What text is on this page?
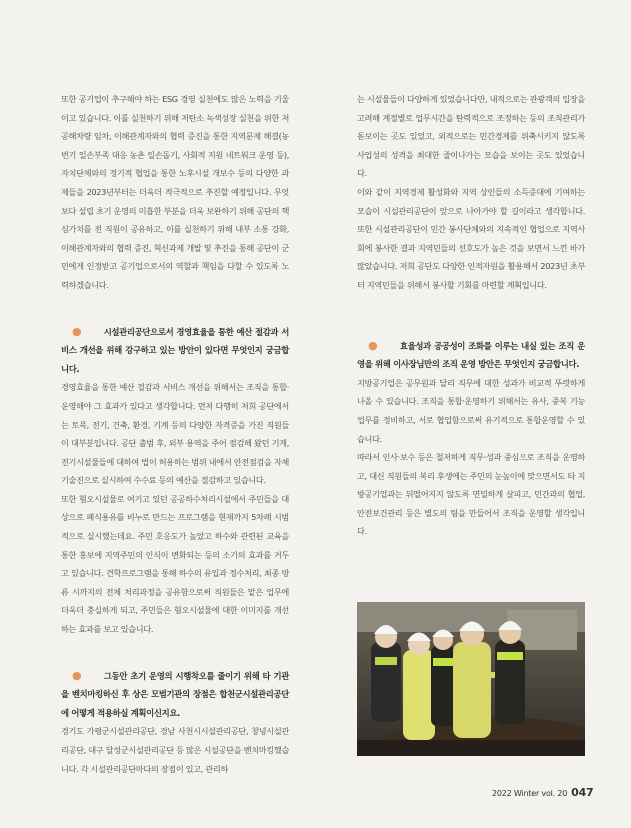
또한 공기업이 추구해야 하는 ESG 경영 실천에도 많은 노력을 기울이고 있습니다. 이를 실천하기 위해 저탄소 녹색성장 실천을 위한 저공해차량 임차, 이해관계자와의 협력 증진을 통한 지역문제 해결(농번기 일손부족 대응 농촌 일손돕기, 사회적 지원 네트워크 운영 등), 자치단체와의 정기적 협업을 통한 노후시설 개보수 등의 다양한 과제들을 2023년부터는 더욱더 적극적으로 추진할 예정입니다. 무엇보다 설립 초기 운영의 미흡한 부분을 더욱 보완하기 위해 공단의 핵심가치를 전 직원이 공유하고, 이를 실천하기 위해 내부 소통 강화, 이해관계자와의 협력 증진, 혁신과제 개발 및 추진을 통해 공단이 군민에게 인정받고 공기업으로서의 역할과 책임을 다할 수 있도록 노력하겠습니다.

●	시설관리공단으로서 경영효율을 통한 예산 절감과 서비스 개선을 위해 강구하고 있는 방안이 있다면 무엇인지 궁금합니다.

경영효율을 통한 예산 절감과 서비스 개선을 위해서는 조직을 통합·운영해야 그 효과가 있다고 생각합니다. 먼저 다행히 저희 공단에서는 토목, 전기, 건축, 환경, 기계 등의 다양한 자격증을 가진 직원들이 대부분입니다. 공단 출범 후, 외부 용역을 주어 점검해 왔던 기계, 전기시설물들에 대하여 법이 허용하는 범위 내에서 안전점검을 자체 기술진으로 실시하여 수수료 등의 예산을 절감하고 있습니다.

또한 혐오시설물로 여기고 있던 공공하수처리시설에서 주민들을 대상으로 폐식용유를 비누로 만드는 프로그램을 현재까지 5차례 시범적으로 실시했는데요. 주민 호응도가 높았고 하수와 관련된 교육을 통한 홍보에 지역주민의 인식이 변화되는 등의 소기의 효과를 거두고 있습니다. 견학프로그램을 통해 하수의 유입과 정수처리, 최종 방류 시까지의 전체 처리과정을 공유함으로써 직원들은 맡은 업무에 더욱더 충실하게 되고, 주민들은 혐오시설물에 대한 이미지를 개선하는 효과를 보고 있습니다.

●	그동안 초기 운영의 시행착오를 줄이기 위해 타 기관을 벤치마킹하신 후 상은 모범기관의 장점은 합천군시설관리공단에 어떻게 적용하실 계획이신지요.

경기도 가평군시설관리공단, 경남 사천시시설관리공단, 창녕시설관리공단, 대구 달성군시설관리공단 등 많은 시설공단을 벤치마킹했습니다. 각 시설관리공단마다의 장점이 있고, 관리하

는 시설물들이 다양하게 있었습니다만, 내적으로는 관광객의 입장을 고려해 계절별로 업무시간을 탄력적으로 조정하는 등의 조직관리가 돋보이는 곳도 있었고, 외적으로는 민간경제를 위축시키지 않도록 사업성의 성격을 최대한 줄이나가는 모습을 보이는 곳도 있었습니다.

이와 같이 지역경제 활성화와 지역 상인들의 소득증대에 기여하는 모습이 시설관리공단이 앞으로 나아가야 할 길이라고 생각합니다. 또한 시설관리공단이 민간 봉사단체와의 지속적인 협업으로 지역사회에 봉사한 결과 지역민들의 선호도가 높은 것을 보면서 느낀 바가 많았습니다. 저희 공단도 다양한 인적자원을 활용해서 2023년 초부터 지역민들을 위해서 봉사할 기회를 마련할 계획입니다.

●	효율성과 공공성이 조화를 이루는 내실 있는 조직 운영을 위해 이사장님만의 조직 운영 방안은 무엇인지 궁금합니다.

지방공기업은 공무원과 달리 직무에 대한 성과가 비교적 뚜렷하게 나올 수 있습니다. 조직을 통합·운영하기 위해서는 유사, 중복 기능 업무를 정비하고, 서로 협업함으로써 유기적으로 통합운영할 수 있습니다.

따라서 인사·보수 등은 철저하게 직무·성과 중심으로 조직을 운영하고, 대신 직원들의 복리 후생에는 주민의 눈높이에 맞으면서도 타 지방공기업과는 뒤떨어지지 않도록 면밀하게 살피고, 민간과의 협업, 안전보건관리 등은 별도의 팀을 만들어서 조직을 운영할 생각입니다.

2022 Winter vol. 20 047
